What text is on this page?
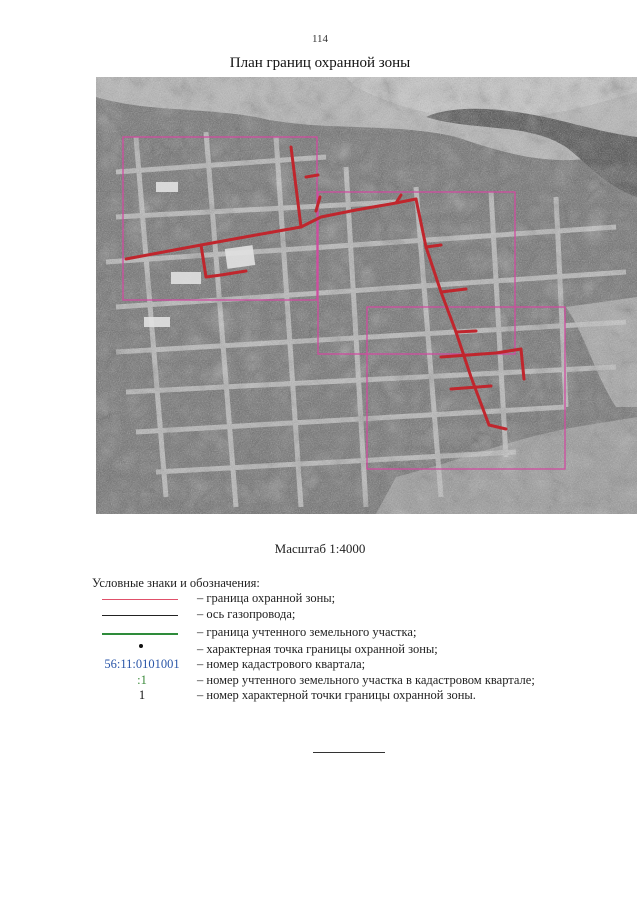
114
План границ охранной зоны
Масштаб 1:4000
Условные знаки и обозначения:
– граница охранной зоны;
– ось газопровода;
– граница учтенного земельного участка;
– характерная точка границы охранной зоны;
56:11:0101001	– номер кадастрового квартала;
:1	– номер учтенного земельного участка в кадастровом квартале;
1	– номер характерной точки границы охранной зоны.
